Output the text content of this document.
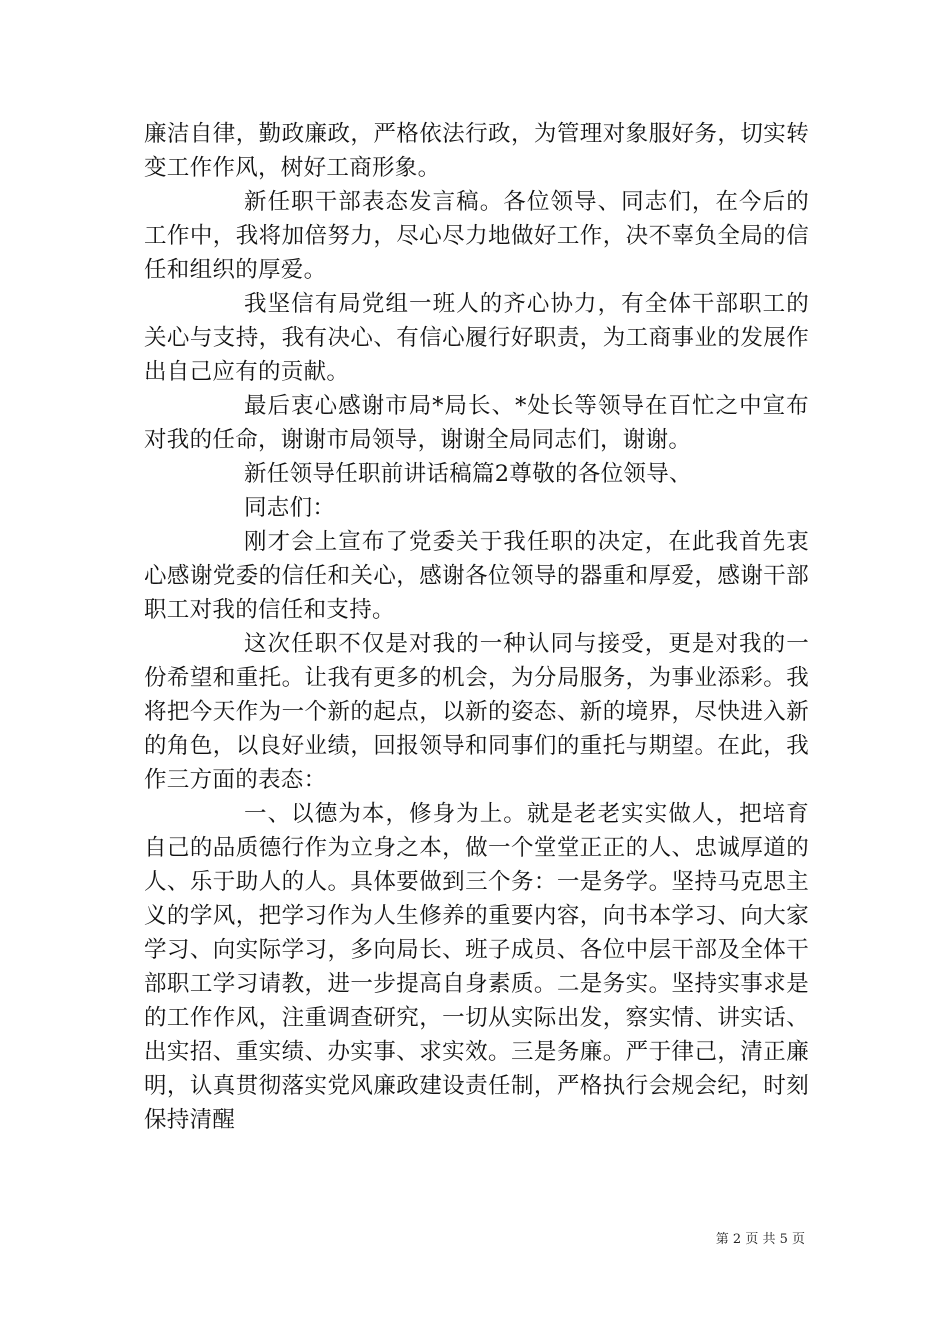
廉洁自律，勤政廉政，严格依法行政，为管理对象服好务，切实转变工作作风，树好工商形象。

新任职干部表态发言稿。各位领导、同志们，在今后的工作中，我将加倍努力，尽心尽力地做好工作，决不辜负全局的信任和组织的厚爱。

我坚信有局党组一班人的齐心协力，有全体干部职工的关心与支持，我有决心、有信心履行好职责，为工商事业的发展作出自己应有的贡献。

最后衷心感谢市局*局长、*处长等领导在百忙之中宣布对我的任命，谢谢市局领导，谢谢全局同志们，谢谢。

新任领导任职前讲话稿篇2尊敬的各位领导、

同志们：

刚才会上宣布了党委关于我任职的决定，在此我首先衷心感谢党委的信任和关心，感谢各位领导的器重和厚爱，感谢干部职工对我的信任和支持。

这次任职不仅是对我的一种认同与接受，更是对我的一份希望和重托。让我有更多的机会，为分局服务，为事业添彩。我将把今天作为一个新的起点，以新的姿态、新的境界，尽快进入新的角色，以良好业绩，回报领导和同事们的重托与期望。在此，我作三方面的表态：

一、以德为本，修身为上。就是老老实实做人，把培育自己的品质德行作为立身之本，做一个堂堂正正的人、忠诚厚道的人、乐于助人的人。具体要做到三个务：一是务学。坚持马克思主义的学风，把学习作为人生修养的重要内容，向书本学习、向大家学习、向实际学习，多向局长、班子成员、各位中层干部及全体干部职工学习请教，进一步提高自身素质。二是务实。坚持实事求是的工作作风，注重调查研究，一切从实际出发，察实情、讲实话、出实招、重实绩、办实事、求实效。三是务廉。严于律己，清正廉明，认真贯彻落实党风廉政建设责任制，严格执行会规会纪，时刻保持清醒

第 2 页 共 5 页
